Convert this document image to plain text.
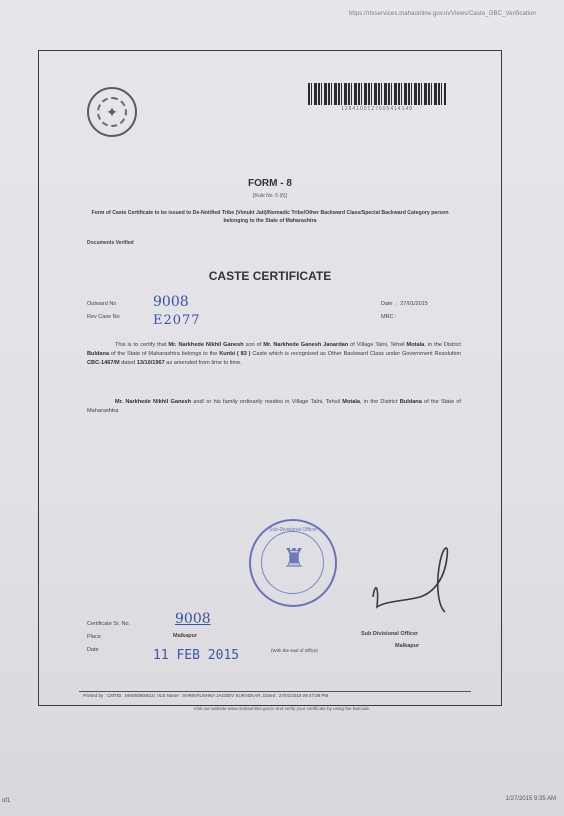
https://rtsservices.mahaonline.gov.in/Views/Caste_OBC_Verification
✦	1264100127005414149
FORM - 8
[Rule No. 5 (6)]
Form of Caste Certificate to be issued to De-Notified Tribe (Vimukt Jati)/Nomadic Tribe/Other Backward Class/Special Backward Category person belonging to the State of Maharashtra
Documents Verified
CASTE CERTIFICATE
Outward No	9008
Rev Case No	E2077
Date  :  27/01/2015
MRC :
This is to certify that Mr. Narkhede Nikhil Ganesh son of Mr. Narkhede Ganesh Janardan of Village Talni, Tehsil Motala, in the District Buldana of the State of Maharashtra belongs to the Kunbi ( 83 ) Caste which is recognised as Other Backward Class under Government Resolution CBC-1467/M dated 13/10/1967 as amended from time to time.
Mr. Narkhede Nikhil Ganesh and/ or his family ordinarily resides in Village Talni, Tehsil Motala, in the District Buldana of the State of Maharashtra
Sub-Divisional Officer
♜
Certificate Sr. No.	9008
Place	Malkapur
Date	11 FEB 2015	(With the seal of Office)
Sub Divisional Officer
Malkapur
Printed by : CMTID : MH050800610, VLE Name : SHRIKRUSHNA JAGDEV SURADKAR, Dated : 27/01/2015 09:47:08 PM
Visit our website www.mahaonline.gov.in and verify your certificate by using the barcode.
of1	1/27/2015 9:35 AM
